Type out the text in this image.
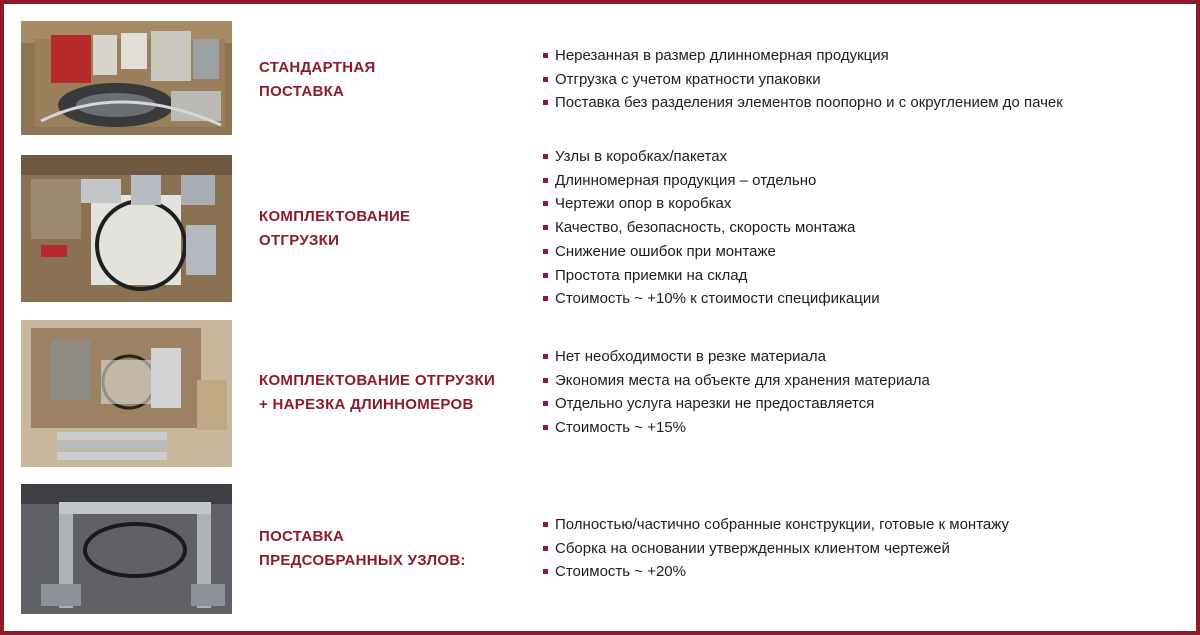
СТАНДАРТНАЯ
ПОСТАВКА
Нерезанная в размер длинномерная продукция
Отгрузка с учетом кратности упаковки
Поставка без разделения элементов поопорно и с округлением до пачек
КОМПЛЕКТОВАНИЕ
ОТГРУЗКИ
Узлы в коробках/пакетах
Длинномерная продукция – отдельно
Чертежи опор в коробках
Качество, безопасность, скорость монтажа
Снижение ошибок при монтаже
Простота приемки на склад
Стоимость ~ +10% к стоимости спецификации
КОМПЛЕКТОВАНИЕ ОТГРУЗКИ
+ НАРЕЗКА ДЛИННОМЕРОВ
Нет необходимости в резке материала
Экономия места на объекте для хранения материала
Отдельно услуга нарезки не предоставляется
Стоимость ~ +15%
ПОСТАВКА
ПРЕДСОБРАННЫХ УЗЛОВ:
Полностью/частично собранные конструкции, готовые к монтажу
Сборка на основании утвержденных клиентом чертежей
Стоимость ~ +20%
